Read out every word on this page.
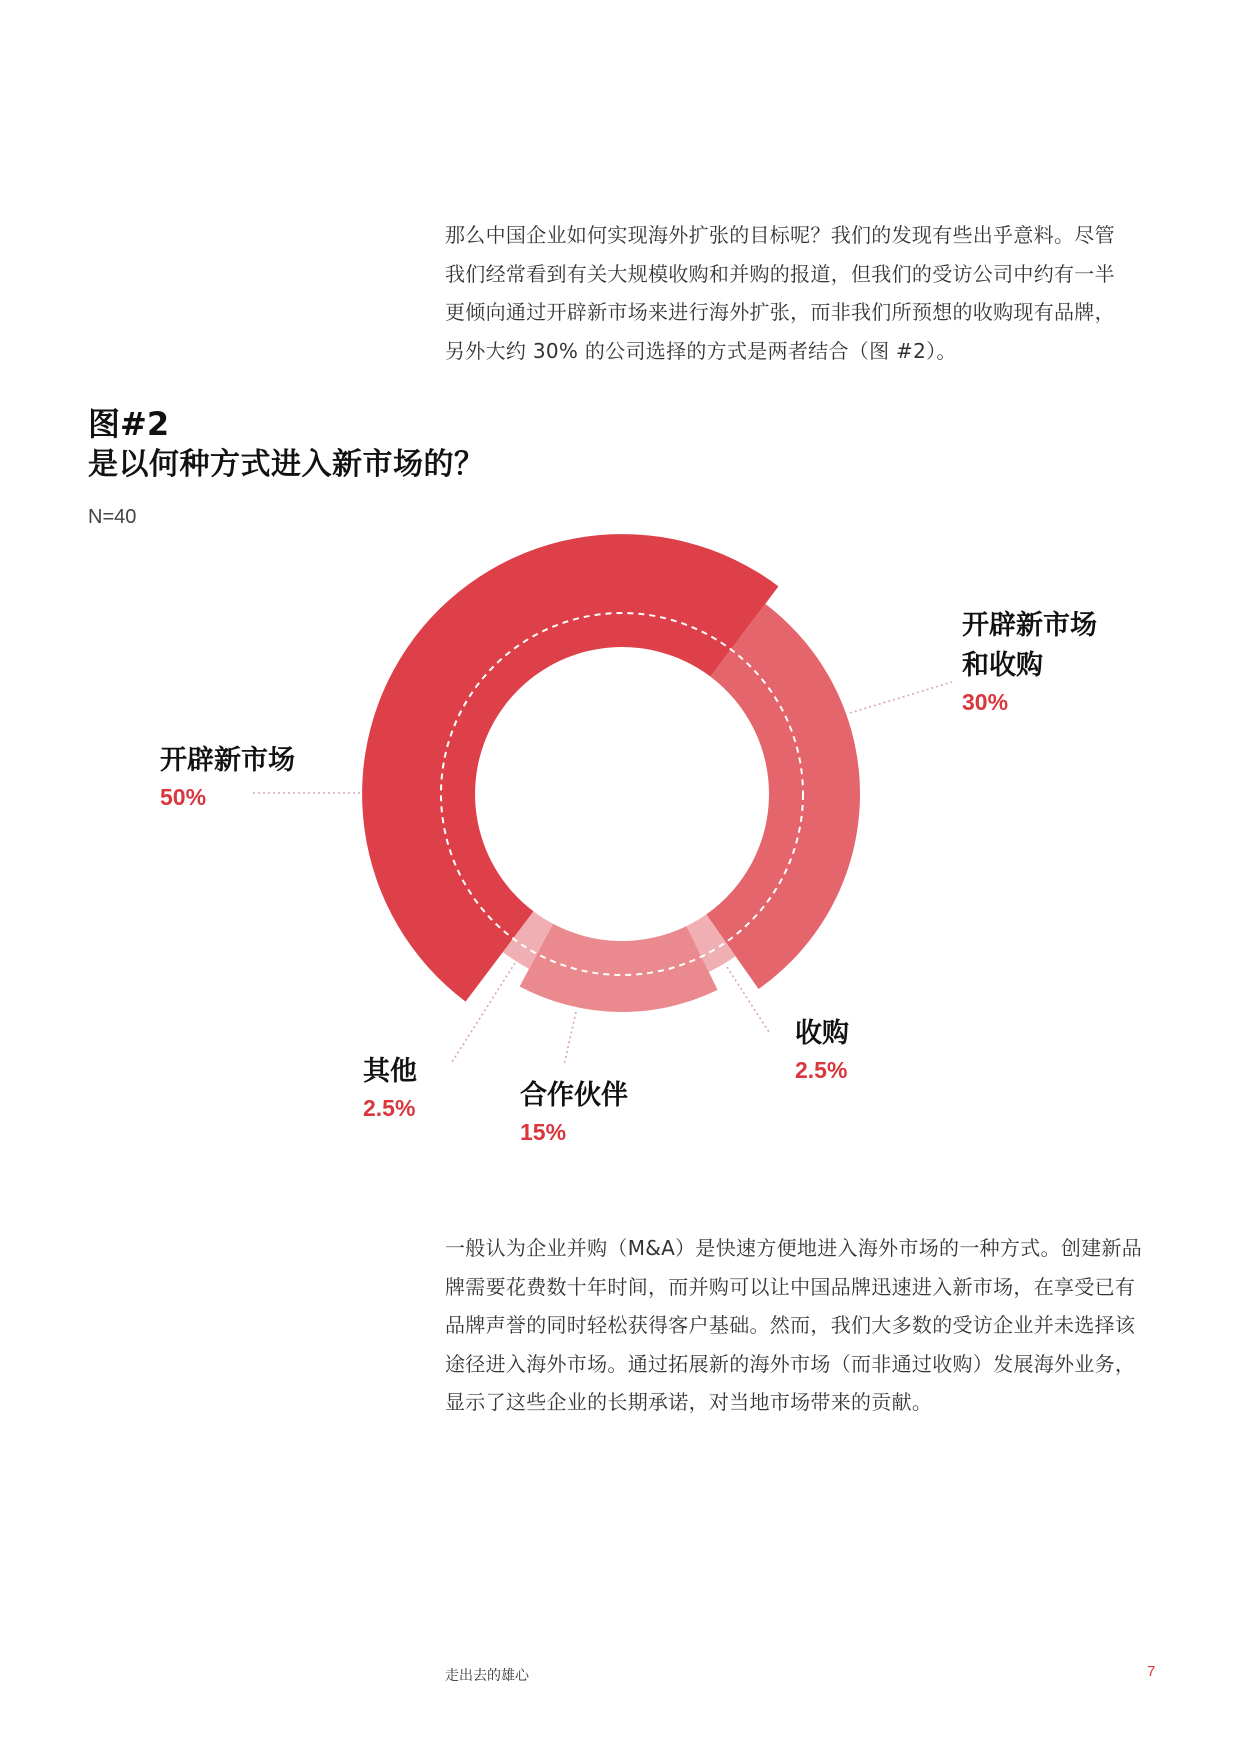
那么中国企业如何实现海外扩张的目标呢？我们的发现有些出乎意料。尽管
我们经常看到有关大规模收购和并购的报道，但我们的受访公司中约有一半
更倾向通过开辟新市场来进行海外扩张，而非我们所预想的收购现有品牌，
另外大约 30% 的公司选择的方式是两者结合（图 #2）。

图#2
是以何种方式进入新市场的？
N=40
开辟新市场
50%
开辟新市场
和收购
30%
收购
2.5%
合作伙伴
15%
其他
2.5%

一般认为企业并购（M&A）是快速方便地进入海外市场的一种方式。创建新品
牌需要花费数十年时间，而并购可以让中国品牌迅速进入新市场，在享受已有
品牌声誉的同时轻松获得客户基础。然而，我们大多数的受访企业并未选择该
途径进入海外市场。通过拓展新的海外市场（而非通过收购）发展海外业务，
显示了这些企业的长期承诺，对当地市场带来的贡献。

走出去的雄心	7
